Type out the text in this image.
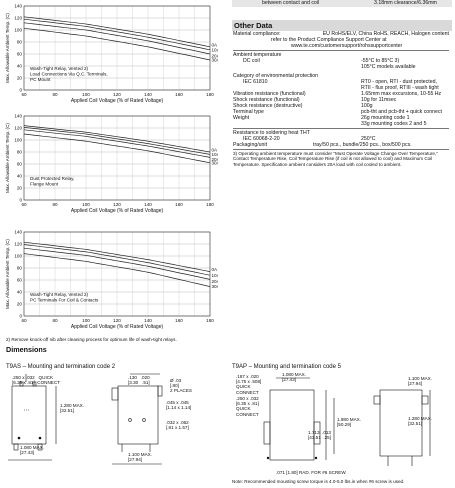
0
20
40
60
80
100
120
140
60	80	100	120	140	160	180
Applied Coil Voltage (% of Rated Voltage)
Max. Allowable Ambient Temp. (C)	0A
10
20
30
Wash-Tight Relay, Vented 2)
Load Connections Via Q.C. Terminals,
PC Mount
0
20
40
60
80
100
120
140
60	80	100	120	140	160	180
Applied Coil Voltage (% of Rated Voltage)
Max. Allowable Ambient Temp. (C)	0A
10
20
30
Dust Protected Relay,
Flange Mount
0
20
40
60
80
100
120
140
60	80	100	120	140	160	180
Applied Coil Voltage (% of Rated Voltage)
Max. Allowable Ambient Temp. (C)	0A
10
20
30
Wash-Tight Relay, Vented 2)
PC Terminals For Coil & Contacts
2) Remove knock-off nib after cleaning process for optimum life of wash-tight relays.
between contact and coil	3.18mm clearance/6.36mm
Other Data
Material compliance:	EU RoHS/ELV, China RoHS, REACH, Halogen content
refer to the Product Compliance Support Center at
www.te.com/customersupport/rohssupportcenter
Ambient temperature
DC coil	-55°C to 85°C 3)
105°C models available
Category of environmental protection
IEC 61810	RT0 - open, RTI - dust protected,
RTII - flux proof, RTIII - wash tight
Vibration resistance (functional)	1.65mm max excursions, 10-55 Hz
Shock resistance (functional)	10g for 11msec
Shock resistance (destructive)	100g
Terminal type	pcb-tht and pcb-tht + quick connect
Weight	26g mounting code 1
33g mounting codes 2 and 5
Resistance to soldering heat THT
IEC 60068-2-20	250°C
Packaging/unit	tray/50 pcs., bundle/250 pcs., box/500 pcs.
3) Operating ambient temperature must consider "Must Operate Voltage Change Over Temperature," Contact Temperature Rise, Coil Temperature Rise (if coil is not allowed to cool) and Maximum Coil Temperature. Specification ambient considers 20A load with coil cooled to ambient.
Dimensions
T9AS – Mounting and termination code 2	T9AP – Mounting and termination code 5
.250 x .032   QUICK
[6.35 x .81]  CONNECT
.130   .020
[3.30   .51]	Ø .03
[.80]
2 PLACES
.045 x .045
[1.14 x 1.14]
.032 x .062
[.81 x 1.57]
1.280 MAX.
[32.51]
1.080 MAX.
[27.43]	1.100 MAX.
[27.94]
.187 x .020
[4.75 x .508]
QUICK
CONNECT
.250 x .032
[6.35 x .81]
QUICK
CONNECT
1.080 MAX.
[27.43]
1.980 MAX.
[50.29]
1.713  .013
[43.51  .25]
1.100 MAX.
[27.94]
1.280 MAX.
[32.51]
.071 [1.80] RAD. FOR #6 SCREW
Note: Recommended mounting screw torque is 4.0-5.0 lbs.in when #6 screw is used.
